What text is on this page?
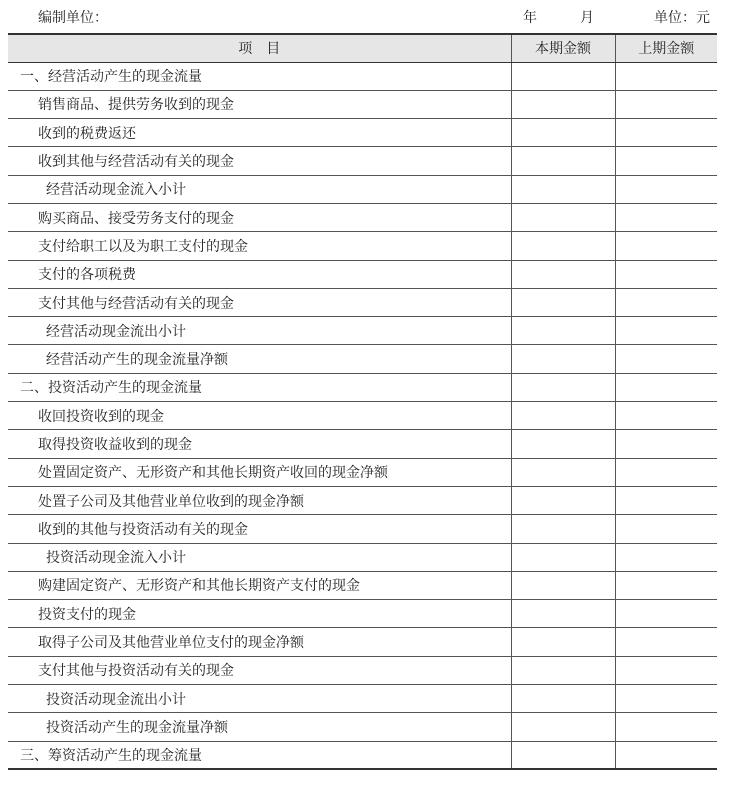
编制单位：	年	月	单位：元
项　目	本期金额	上期金额
一、经营活动产生的现金流量		
销售商品、提供劳务收到的现金		
收到的税费返还		
收到其他与经营活动有关的现金		
经营活动现金流入小计		
购买商品、接受劳务支付的现金		
支付给职工以及为职工支付的现金		
支付的各项税费		
支付其他与经营活动有关的现金		
经营活动现金流出小计		
经营活动产生的现金流量净额		
二、投资活动产生的现金流量		
收回投资收到的现金		
取得投资收益收到的现金		
处置固定资产、无形资产和其他长期资产收回的现金净额		
处置子公司及其他营业单位收到的现金净额		
收到的其他与投资活动有关的现金		
投资活动现金流入小计		
购建固定资产、无形资产和其他长期资产支付的现金		
投资支付的现金		
取得子公司及其他营业单位支付的现金净额		
支付其他与投资活动有关的现金		
投资活动现金流出小计		
投资活动产生的现金流量净额		
三、筹资活动产生的现金流量		
